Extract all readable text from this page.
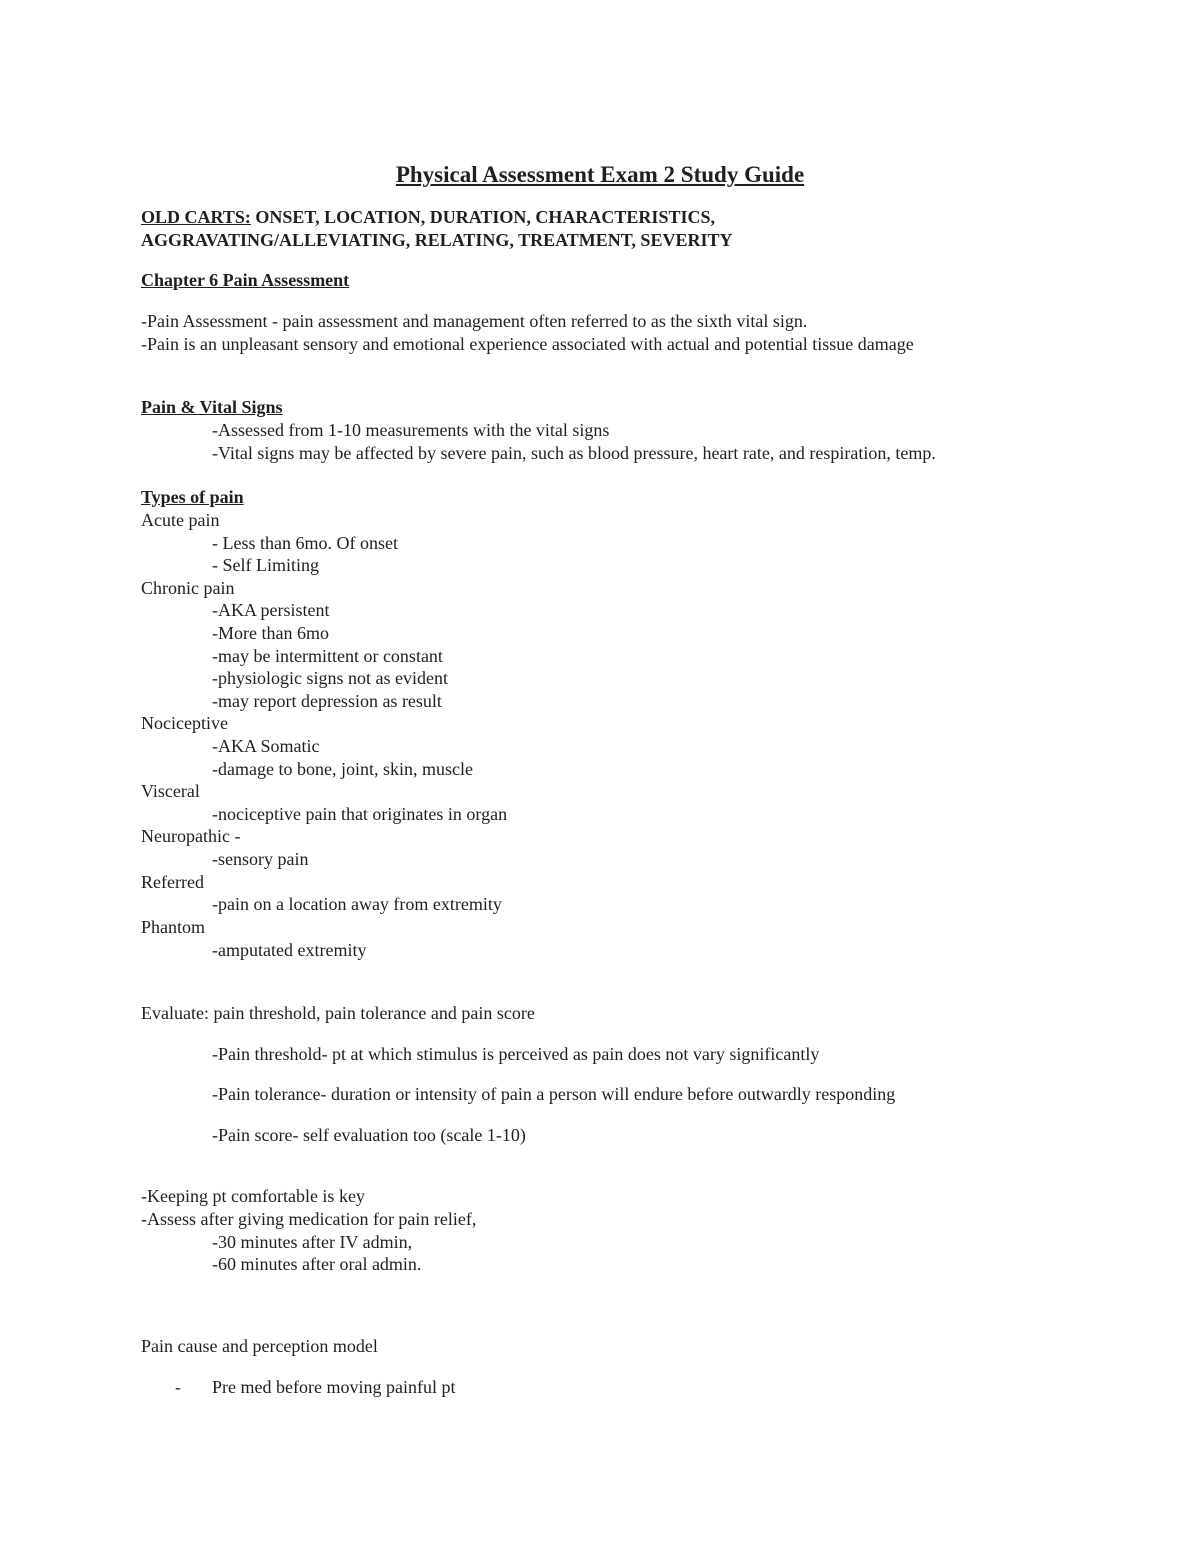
Physical Assessment Exam 2 Study Guide
OLD CARTS: ONSET, LOCATION, DURATION, CHARACTERISTICS,
AGGRAVATING/ALLEVIATING, RELATING, TREATMENT, SEVERITY
Chapter 6 Pain Assessment
-Pain Assessment - pain assessment and management often referred to as the sixth vital sign.
-Pain is an unpleasant sensory and emotional experience associated with actual and potential tissue damage
Pain & Vital Signs
-Assessed from 1-10 measurements with the vital signs
-Vital signs may be affected by severe pain, such as blood pressure, heart rate, and respiration, temp.
Types of pain
Acute pain
- Less than 6mo. Of onset
- Self Limiting
Chronic pain
-AKA persistent
-More than 6mo
-may be intermittent or constant
-physiologic signs not as evident
-may report depression as result
Nociceptive
-AKA Somatic
-damage to bone, joint, skin, muscle
Visceral
-nociceptive pain that originates in organ
Neuropathic -
-sensory pain
Referred
-pain on a location away from extremity
Phantom
-amputated extremity
Evaluate: pain threshold, pain tolerance and pain score
-Pain threshold- pt at which stimulus is perceived as pain does not vary significantly
-Pain tolerance- duration or intensity of pain a person will endure before outwardly responding
-Pain score- self evaluation too (scale 1-10)
-Keeping pt comfortable is key
-Assess after giving medication for pain relief,
-30 minutes after IV admin,
-60 minutes after oral admin.
Pain cause and perception model
- Pre med before moving painful pt
